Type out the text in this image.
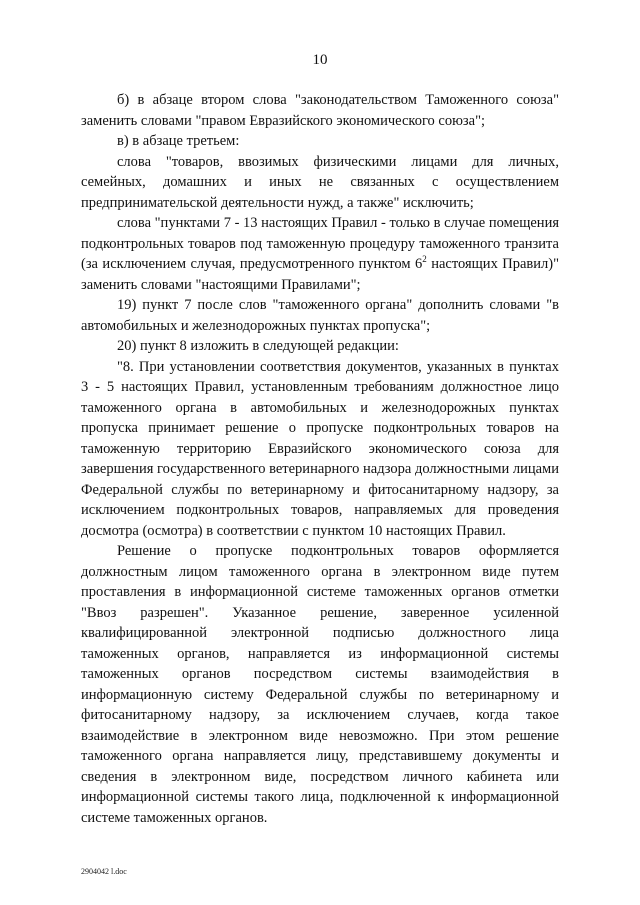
10

б) в абзаце втором слова "законодательством Таможенного союза" заменить словами "правом Евразийского экономического союза";

в) в абзаце третьем:

слова "товаров, ввозимых физическими лицами для личных, семейных, домашних и иных не связанных с осуществлением предпринимательской деятельности нужд, а также" исключить;

слова "пунктами 7 - 13 настоящих Правил - только в случае помещения подконтрольных товаров под таможенную процедуру таможенного транзита (за исключением случая, предусмотренного пунктом $6^2$ настоящих Правил)" заменить словами "настоящими Правилами";

19) пункт 7 после слов "таможенного органа" дополнить словами "в автомобильных и железнодорожных пунктах пропуска";

20) пункт 8 изложить в следующей редакции:

"8. При установлении соответствия документов, указанных в пунктах 3 - 5 настоящих Правил, установленным требованиям должностное лицо таможенного органа в автомобильных и железнодорожных пунктах пропуска принимает решение о пропуске подконтрольных товаров на таможенную территорию Евразийского экономического союза для завершения государственного ветеринарного надзора должностными лицами Федеральной службы по ветеринарному и фитосанитарному надзору, за исключением подконтрольных товаров, направляемых для проведения досмотра (осмотра) в соответствии с пунктом 10 настоящих Правил.

Решение о пропуске подконтрольных товаров оформляется должностным лицом таможенного органа в электронном виде путем проставления в информационной системе таможенных органов отметки "Ввоз разрешен". Указанное решение, заверенное усиленной квалифицированной электронной подписью должностного лица таможенных органов, направляется из информационной системы таможенных органов посредством системы взаимодействия в информационную систему Федеральной службы по ветеринарному и фитосанитарному надзору, за исключением случаев, когда такое взаимодействие в электронном виде невозможно. При этом решение таможенного органа направляется лицу, представившему документы и сведения в электронном виде, посредством личного кабинета или информационной системы такого лица, подключенной к информационной системе таможенных органов.

2904042 l.doc
